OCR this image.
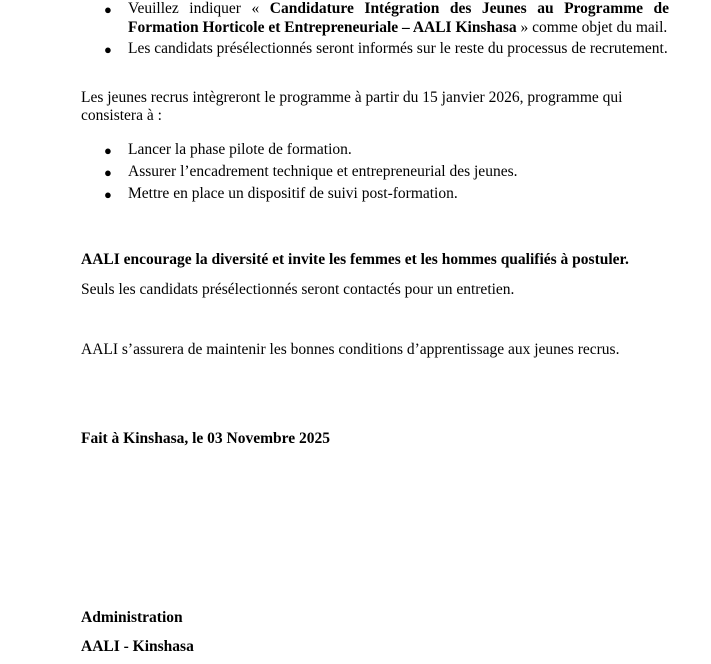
● Veuillez indiquer « Candidature Intégration des Jeunes au Programme de
Formation Horticole et Entrepreneuriale – AALI Kinshasa » comme objet du mail.
● Les candidats présélectionnés seront informés sur le reste du processus de recrutement.
Les jeunes recrus intègreront le programme à partir du 15 janvier 2026, programme qui
consistera à :
● Lancer la phase pilote de formation.
● Assurer l’encadrement technique et entrepreneurial des jeunes.
● Mettre en place un dispositif de suivi post-formation.
AALI encourage la diversité et invite les femmes et les hommes qualifiés à postuler.
Seuls les candidats présélectionnés seront contactés pour un entretien.
AALI s’assurera de maintenir les bonnes conditions d’apprentissage aux jeunes recrus.
Fait à Kinshasa, le 03 Novembre 2025
Administration
AALI - Kinshasa
